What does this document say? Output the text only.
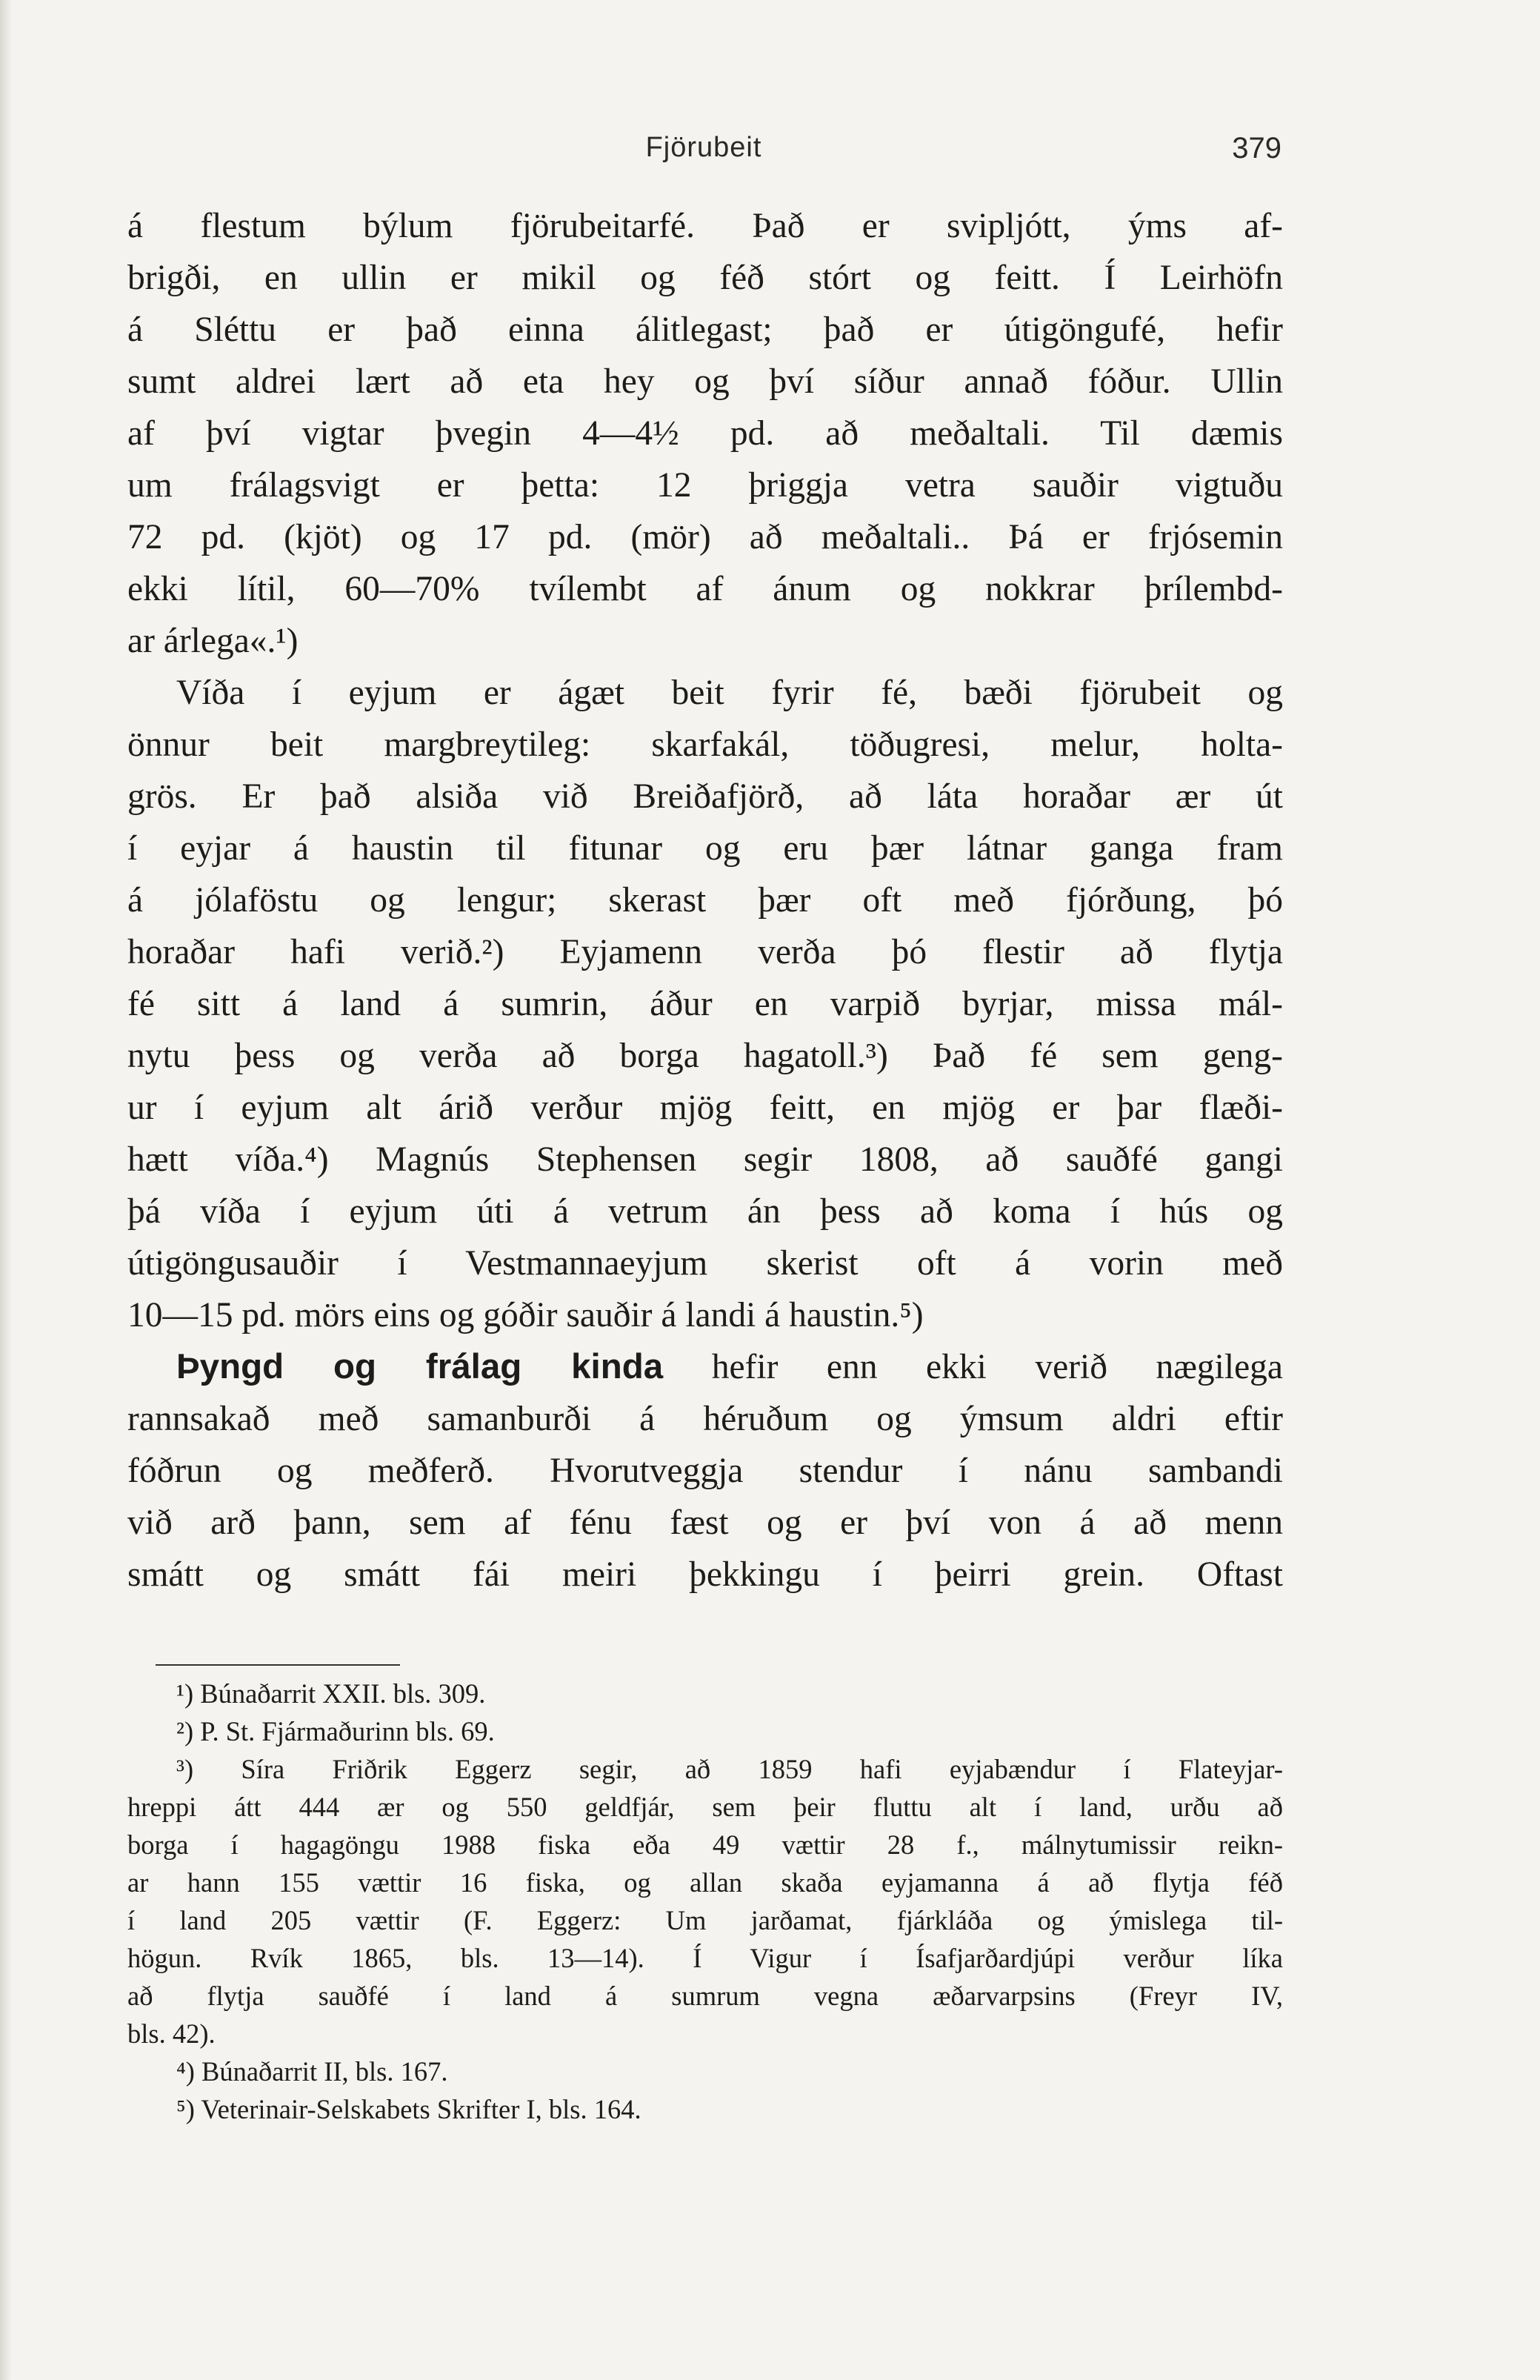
Fjörubeit	379
á flestum býlum fjörubeitarfé. Það er svipljótt, ýms af-
brigði, en ullin er mikil og féð stórt og feitt. Í Leirhöfn
á Sléttu er það einna álitlegast; það er útigöngufé, hefir
sumt aldrei lært að eta hey og því síður annað fóður. Ullin
af því vigtar þvegin 4—4½ pd. að meðaltali. Til dæmis
um frálagsvigt er þetta: 12 þriggja vetra sauðir vigtuðu
72 pd. (kjöt) og 17 pd. (mör) að meðaltali.. Þá er frjósemin
ekki lítil, 60—70% tvílembt af ánum og nokkrar þrílembd-
ar árlega«.¹)
Víða í eyjum er ágæt beit fyrir fé, bæði fjörubeit og
önnur beit margbreytileg: skarfakál, töðugresi, melur, holta-
grös. Er það alsiða við Breiðafjörð, að láta horaðar ær út
í eyjar á haustin til fitunar og eru þær látnar ganga fram
á jólaföstu og lengur; skerast þær oft með fjórðung, þó
horaðar hafi verið.²) Eyjamenn verða þó flestir að flytja
fé sitt á land á sumrin, áður en varpið byrjar, missa mál-
nytu þess og verða að borga hagatoll.³) Það fé sem geng-
ur í eyjum alt árið verður mjög feitt, en mjög er þar flæði-
hætt víða.⁴) Magnús Stephensen segir 1808, að sauðfé gangi
þá víða í eyjum úti á vetrum án þess að koma í hús og
útigöngusauðir í Vestmannaeyjum skerist oft á vorin með
10—15 pd. mörs eins og góðir sauðir á landi á haustin.⁵)
Þyngd og frálag kinda hefir enn ekki verið nægilega
rannsakað með samanburði á héruðum og ýmsum aldri eftir
fóðrun og meðferð. Hvorutveggja stendur í nánu sambandi
við arð þann, sem af fénu fæst og er því von á að menn
smátt og smátt fái meiri þekkingu í þeirri grein. Oftast
¹) Búnaðarrit XXII. bls. 309.
²) P. St. Fjármaðurinn bls. 69.
³) Síra Friðrik Eggerz segir, að 1859 hafi eyjabændur í Flateyjar-
hreppi átt 444 ær og 550 geldfjár, sem þeir fluttu alt í land, urðu að
borga í hagagöngu 1988 fiska eða 49 vættir 28 f., málnytumissir reikn-
ar hann 155 vættir 16 fiska, og allan skaða eyjamanna á að flytja féð
í land 205 vættir (F. Eggerz: Um jarðamat, fjárkláða og ýmislega til-
högun. Rvík 1865, bls. 13—14). Í Vigur í Ísafjarðardjúpi verður líka
að flytja sauðfé í land á sumrum vegna æðarvarpsins (Freyr IV,
bls. 42).
⁴) Búnaðarrit II, bls. 167.
⁵) Veterinair-Selskabets Skrifter I, bls. 164.
